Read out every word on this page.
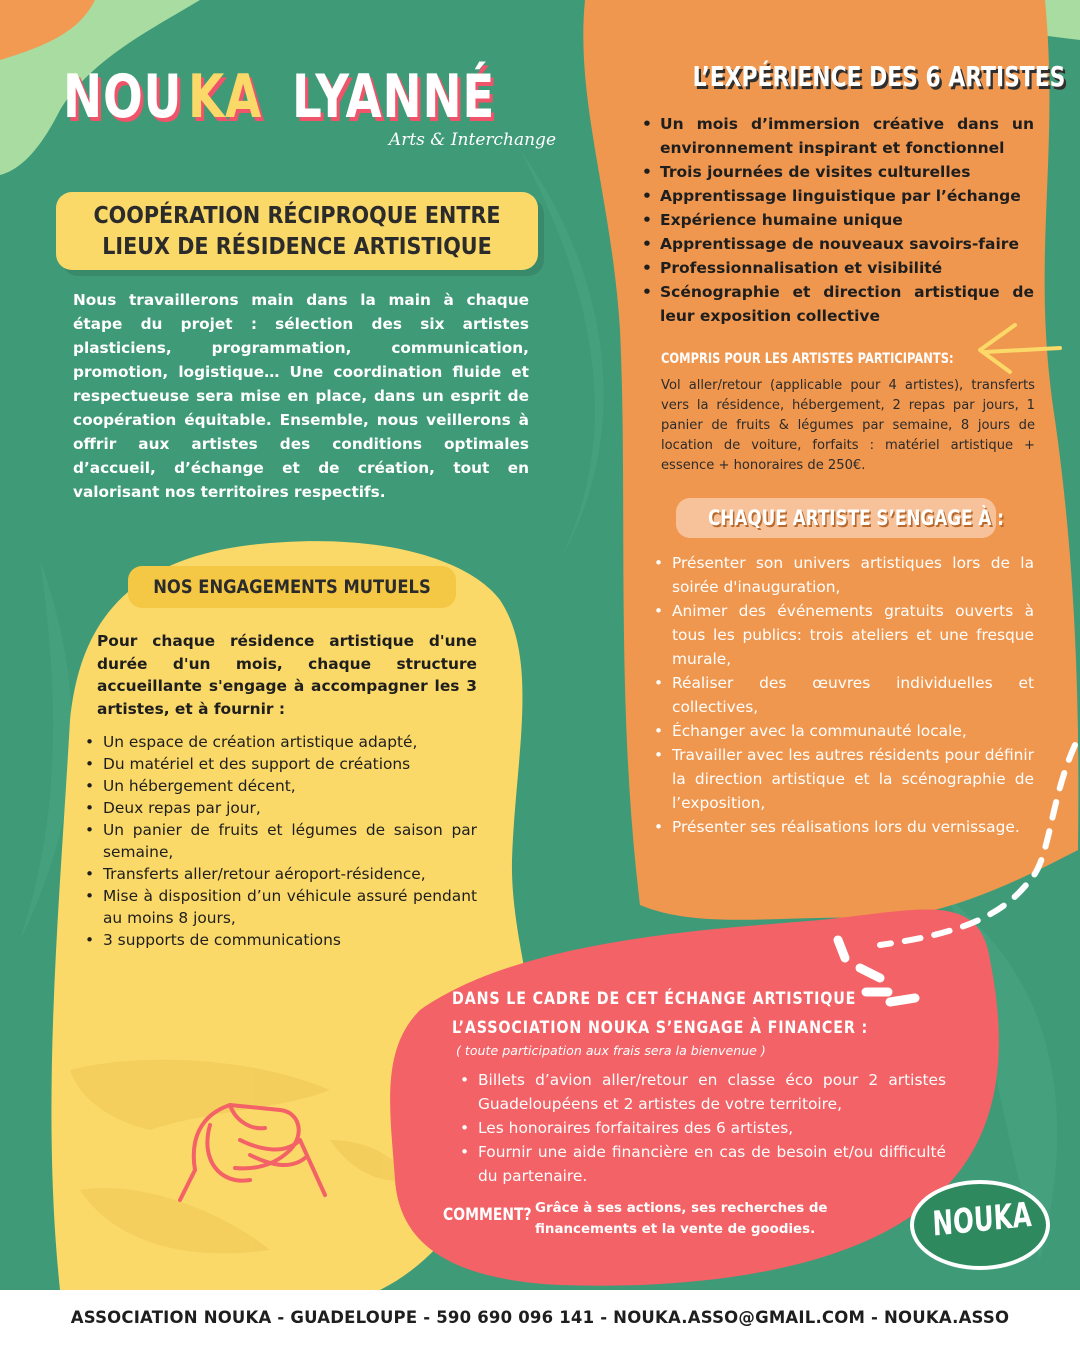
NOU KA LYANNÉ
Arts & Interchange
COOPÉRATION RÉCIPROQUE ENTRE
LIEUX DE RÉSIDENCE ARTISTIQUE
Nous travaillerons main dans la main à chaque étape du projet : sélection des six artistes plasticiens, programmation, communication, promotion, logistique… Une coordination fluide et respectueuse sera mise en place, dans un esprit de coopération équitable. Ensemble, nous veillerons à offrir aux artistes des conditions optimales d’accueil, d’échange et de création, tout en valorisant nos territoires respectifs.
L’EXPÉRIENCE DES 6 ARTISTES
• Un mois d’immersion créative dans un environnement inspirant et fonctionnel
• Trois journées de visites culturelles
• Apprentissage linguistique par l’échange
• Expérience humaine unique
• Apprentissage de nouveaux savoirs-faire
• Professionnalisation et visibilité
• Scénographie et direction artistique de leur exposition collective
COMPRIS POUR LES ARTISTES PARTICIPANTS:
Vol aller/retour (applicable pour 4 artistes), transferts vers la résidence, hébergement, 2 repas par jours, 1 panier de fruits & légumes par semaine, 8 jours de location de voiture, forfaits : matériel artistique + essence + honoraires de 250€.
CHAQUE ARTISTE S’ENGAGE À :
• Présenter son univers artistiques lors de la soirée d'inauguration,
• Animer des événements gratuits ouverts à tous les publics: trois ateliers et une fresque murale,
• Réaliser des œuvres individuelles et collectives,
• Échanger avec la communauté locale,
• Travailler avec les autres résidents pour définir la direction artistique et la scénographie de l’exposition,
• Présenter ses réalisations lors du vernissage.
NOS ENGAGEMENTS MUTUELS
Pour chaque résidence artistique d'une durée d'un mois, chaque structure accueillante s'engage à accompagner les 3 artistes, et à fournir :
• Un espace de création artistique adapté,
• Du matériel et des support de créations
• Un hébergement décent,
• Deux repas par jour,
• Un panier de fruits et légumes de saison par semaine,
• Transferts aller/retour aéroport-résidence,
• Mise à disposition d’un véhicule assuré pendant au moins 8 jours,
• 3 supports de communications
DANS LE CADRE DE CET ÉCHANGE ARTISTIQUE
L’ASSOCIATION NOUKA S’ENGAGE À FINANCER :
( toute participation aux frais sera la bienvenue )
• Billets d’avion aller/retour en classe éco pour 2 artistes Guadeloupéens et 2 artistes de votre territoire,
• Les honoraires forfaitaires des 6 artistes,
• Fournir une aide financière en cas de besoin et/ou difficulté du partenaire.
COMMENT? Grâce à ses actions, ses recherches de financements et la vente de goodies.	NOUKA
ASSOCIATION NOUKA - GUADELOUPE - 590 690 096 141 - NOUKA.ASSO@GMAIL.COM - NOUKA.ASSO
